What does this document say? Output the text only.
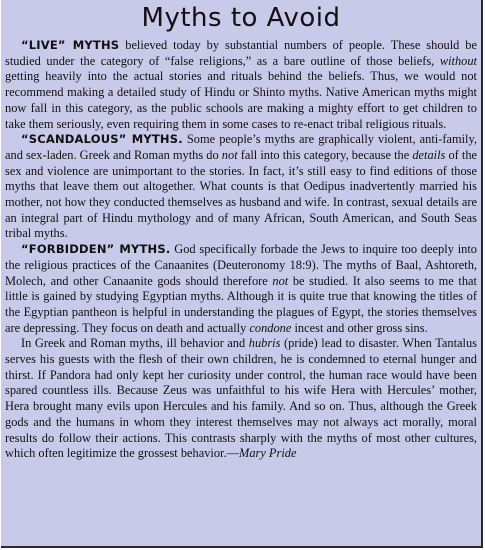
Myths to Avoid

“LIVE” MYTHS believed today by substantial numbers of people. These should be studied under the category of “false religions,” as a bare outline of those beliefs, without getting heavily into the actual stories and rituals behind the beliefs. Thus, we would not recommend making a detailed study of Hindu or Shinto myths. Native American myths might now fall in this category, as the public schools are making a mighty effort to get children to take them seriously, even requiring them in some cases to re-enact tribal religious rituals.

“SCANDALOUS” MYTHS. Some people’s myths are graphically violent, anti-family, and sex-laden. Greek and Roman myths do not fall into this category, because the details of the sex and violence are unimportant to the stories. In fact, it’s still easy to find editions of those myths that leave them out altogether. What counts is that Oedipus inadvertently married his mother, not how they conducted themselves as husband and wife. In contrast, sexual details are an integral part of Hindu mythology and of many African, South American, and South Seas tribal myths.

“FORBIDDEN” MYTHS. God specifically forbade the Jews to inquire too deeply into the religious practices of the Canaanites (Deuteronomy 18:9). The myths of Baal, Ashtoreth, Molech, and other Canaanite gods should therefore not be studied. It also seems to me that little is gained by studying Egyptian myths. Although it is quite true that knowing the titles of the Egyptian pantheon is helpful in understanding the plagues of Egypt, the stories themselves are depressing. They focus on death and actually condone incest and other gross sins.

In Greek and Roman myths, ill behavior and hubris (pride) lead to disaster. When Tantalus serves his guests with the flesh of their own children, he is condemned to eternal hunger and thirst. If Pandora had only kept her curiosity under control, the human race would have been spared countless ills. Because Zeus was unfaithful to his wife Hera with Hercules’ mother, Hera brought many evils upon Hercules and his family. And so on. Thus, although the Greek gods and the humans in whom they interest themselves may not always act morally, moral results do follow their actions. This contrasts sharply with the myths of most other cultures, which often legitimize the grossest behavior.—Mary Pride
